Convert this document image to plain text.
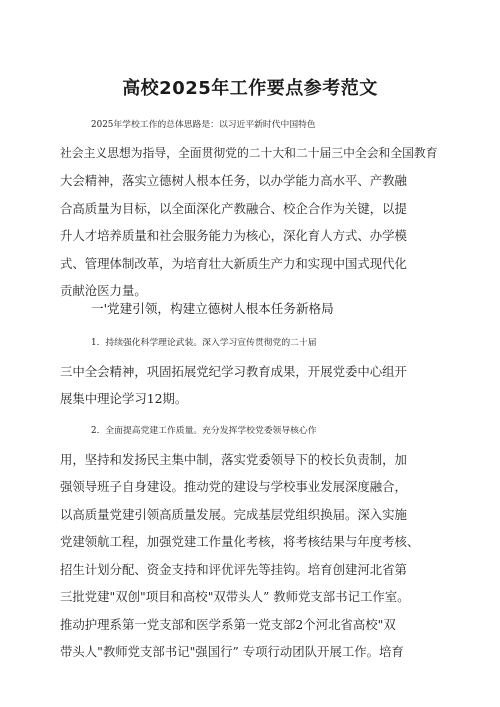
高校2025年工作要点参考范文
2025年学校工作的总体思路是：以习近平新时代中国特色
社会主义思想为指导，全面贯彻党的二十大和二十届三中全会和全国教育
大会精神，落实立德树人根本任务，以办学能力高水平、产教融
合高质量为目标，以全面深化产教融合、校企合作为关键，以提
升人才培养质量和社会服务能力为核心，深化育人方式、办学模
式、管理体制改革，为培育壮大新质生产力和实现中国式现代化
贡献沧医力量。
一'党建引领，构建立德树人根本任务新格局
1．持续强化科学理论武装。深入学习宣传贯彻党的二十届
三中全会精神，巩固拓展党纪学习教育成果，开展党委中心组开
展集中理论学习12期。
2．全面提高党建工作质量。充分发挥学校党委领导核心作
用，坚持和发扬民主集中制，落实党委领导下的校长负责制，加
强领导班子自身建设。推动党的建设与学校事业发展深度融合，
以高质量党建引领高质量发展。完成基层党组织换届。深入实施
党建领航工程，加强党建工作量化考核，将考核结果与年度考核、
招生计划分配、资金支持和评优评先等挂钩。培育创建河北省第
三批党建"双创"项目和高校"双带头人” 教师党支部书记工作室。
推动护理系第一党支部和医学系第一党支部2个河北省高校"双
带头人"教师党支部书记"强国行” 专项行动团队开展工作。培育
